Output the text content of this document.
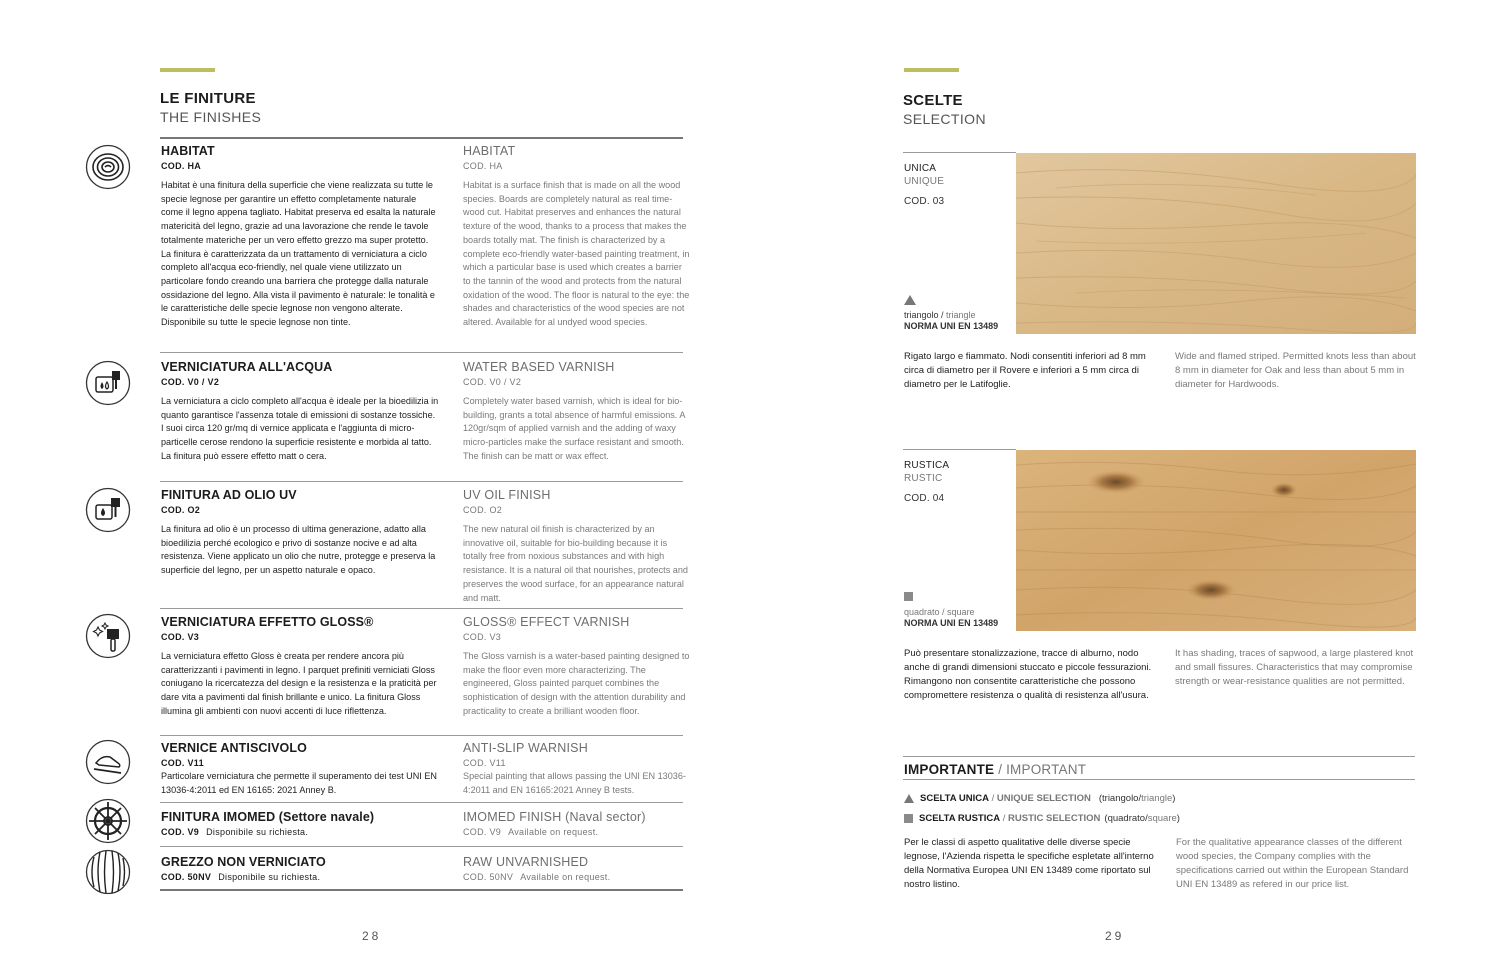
LE FINITURE
THE FINISHES
HABITAT
COD. HA
Habitat è una finitura della superficie che viene realizzata su tutte le specie legnose per garantire un effetto completamente naturale come il legno appena tagliato. Habitat preserva ed esalta la naturale matericità del legno, grazie ad una lavorazione che rende le tavole totalmente materiche per un vero effetto grezzo ma super protetto. La finitura è caratterizzata da un trattamento di verniciatura a ciclo completo all'acqua eco-friendly, nel quale viene utilizzato un particolare fondo creando una barriera che protegge dalla naturale ossidazione del legno. Alla vista il pavimento è naturale: le tonalità e le caratteristiche delle specie legnose non vengono alterate. Disponibile su tutte le specie legnose non tinte.
HABITAT
COD. HA
Habitat is a surface finish that is made on all the wood species. Boards are completely natural as real time-wood cut. Habitat preserves and enhances the natural texture of the wood, thanks to a process that makes the boards totally mat. The finish is characterized by a complete eco-friendly water-based painting treatment, in which a particular base is used which creates a barrier to the tannin of the wood and protects from the natural oxidation of the wood. The floor is natural to the eye: the shades and characteristics of the wood species are not altered. Available for al undyed wood species.
VERNICIATURA ALL'ACQUA
COD. V0 / V2
La verniciatura a ciclo completo all'acqua è ideale per la bioedilizia in quanto garantisce l'assenza totale di emissioni di sostanze tossiche. I suoi circa 120 gr/mq di vernice applicata e l'aggiunta di micro-particelle cerose rendono la superficie resistente e morbida al tatto. La finitura può essere effetto matt o cera.
WATER BASED VARNISH
COD. V0 / V2
Completely water based varnish, which is ideal for bio-building, grants a total absence of harmful emissions. A 120gr/sqm of applied varnish and the adding of waxy micro-particles make the surface resistant and smooth. The finish can be matt or wax effect.
FINITURA AD OLIO UV
COD. O2
La finitura ad olio è un processo di ultima generazione, adatto alla bioedilizia perché ecologico e privo di sostanze nocive e ad alta resistenza. Viene applicato un olio che nutre, protegge e preserva la superficie del legno, per un aspetto naturale e opaco.
UV OIL FINISH
COD. O2
The new natural oil finish is characterized by an innovative oil, suitable for bio-building because it is totally free from noxious substances and with high resistance. It is a natural oil that nourishes, protects and preserves the wood surface, for an appearance natural and matt.
VERNICIATURA EFFETTO GLOSS®
COD. V3
La verniciatura effetto Gloss è creata per rendere ancora più caratterizzanti i pavimenti in legno. I parquet prefiniti verniciati Gloss coniugano la ricercatezza del design e la resistenza e la praticità per dare vita a pavimenti dal finish brillante e unico. La finitura Gloss illumina gli ambienti con nuovi accenti di luce riflettenza.
GLOSS® EFFECT VARNISH
COD. V3
The Gloss varnish is a water-based painting designed to make the floor even more characterizing. The engineered, Gloss painted parquet combines the sophistication of design with the attention durability and practicality to create a brilliant wooden floor.
VERNICE ANTISCIVOLO
COD. V11
Particolare verniciatura che permette il superamento dei test UNI EN 13036-4:2011 ed EN 16165: 2021 Anney B.
ANTI-SLIP WARNISH
COD. V11
Special painting that allows passing the UNI EN 13036-4:2011 and EN 16165:2021 Anney B tests.
FINITURA IMOMED (Settore navale)
COD. V9 Disponibile su richiesta.
IMOMED FINISH (Naval sector)
COD. V9 Available on request.
GREZZO NON VERNICIATO
COD. 50NV Disponibile su richiesta.
RAW UNVARNISHED
COD. 50NV Available on request.
28
SCELTE
SELECTION
UNICA
UNIQUE
COD. 03
triangolo / triangle
NORMA UNI EN 13489
Rigato largo e fiammato. Nodi consentiti inferiori ad 8 mm circa di diametro per il Rovere e inferiori a 5 mm circa di diametro per le Latifoglie.
Wide and flamed striped. Permitted knots less than about 8 mm in diameter for Oak and less than about 5 mm in diameter for Hardwoods.
RUSTICA
RUSTIC
COD. 04
quadrato / square
NORMA UNI EN 13489
Può presentare stonalizzazione, tracce di alburno, nodo anche di grandi dimensioni stuccato e piccole fessurazioni. Rimangono non consentite caratteristiche che possono compromettere resistenza o qualità di resistenza all'usura.
It has shading, traces of sapwood, a large plastered knot and small fissures. Characteristics that may compromise strength or wear-resistance qualities are not permitted.
IMPORTANTE / IMPORTANT
SCELTA UNICA / UNIQUE SELECTION (triangolo/triangle)
SCELTA RUSTICA / RUSTIC SELECTION (quadrato/square)
Per le classi di aspetto qualitative delle diverse specie legnose, l'Azienda rispetta le specifiche espletate all'interno della Normativa Europea UNI EN 13489 come riportato sul nostro listino.
For the qualitative appearance classes of the different wood species, the Company complies with the specifications carried out within the European Standard UNI EN 13489 as refered in our price list.
29
